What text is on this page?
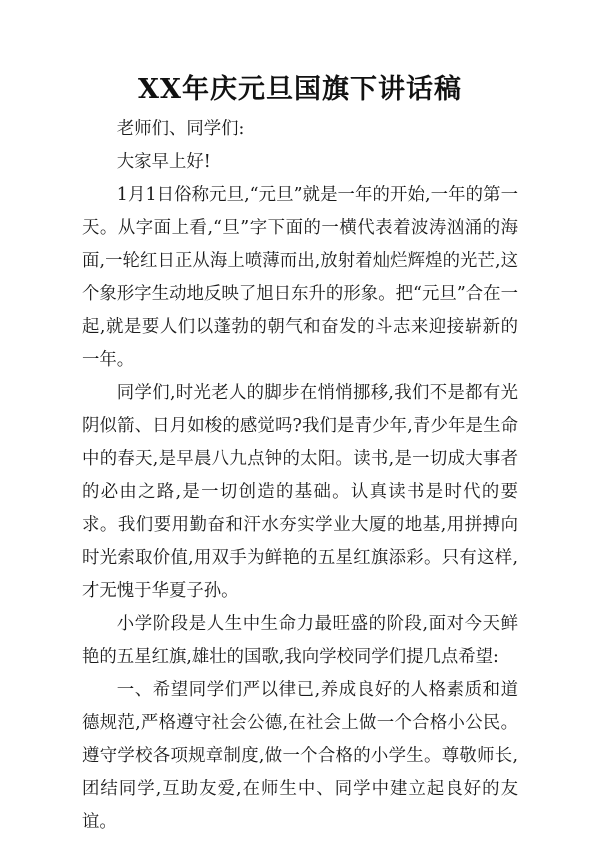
XX年庆元旦国旗下讲话稿

老师们、同学们:

大家早上好!

1月1日俗称元旦,“元旦”就是一年的开始,一年的第一天。从字面上看,“旦”字下面的一横代表着波涛汹涌的海面,一轮红日正从海上喷薄而出,放射着灿烂辉煌的光芒,这个象形字生动地反映了旭日东升的形象。把“元旦”合在一起,就是要人们以蓬勃的朝气和奋发的斗志来迎接崭新的一年。

同学们,时光老人的脚步在悄悄挪移,我们不是都有光阴似箭、日月如梭的感觉吗?我们是青少年,青少年是生命中的春天,是早晨八九点钟的太阳。读书,是一切成大事者的必由之路,是一切创造的基础。认真读书是时代的要求。我们要用勤奋和汗水夯实学业大厦的地基,用拼搏向时光索取价值,用双手为鲜艳的五星红旗添彩。只有这样,才无愧于华夏子孙。

小学阶段是人生中生命力最旺盛的阶段,面对今天鲜艳的五星红旗,雄壮的国歌,我向学校同学们提几点希望:

一、希望同学们严以律已,养成良好的人格素质和道德规范,严格遵守社会公德,在社会上做一个合格小公民。遵守学校各项规章制度,做一个合格的小学生。尊敬师长,团结同学,互助友爱,在师生中、同学中建立起良好的友谊。
